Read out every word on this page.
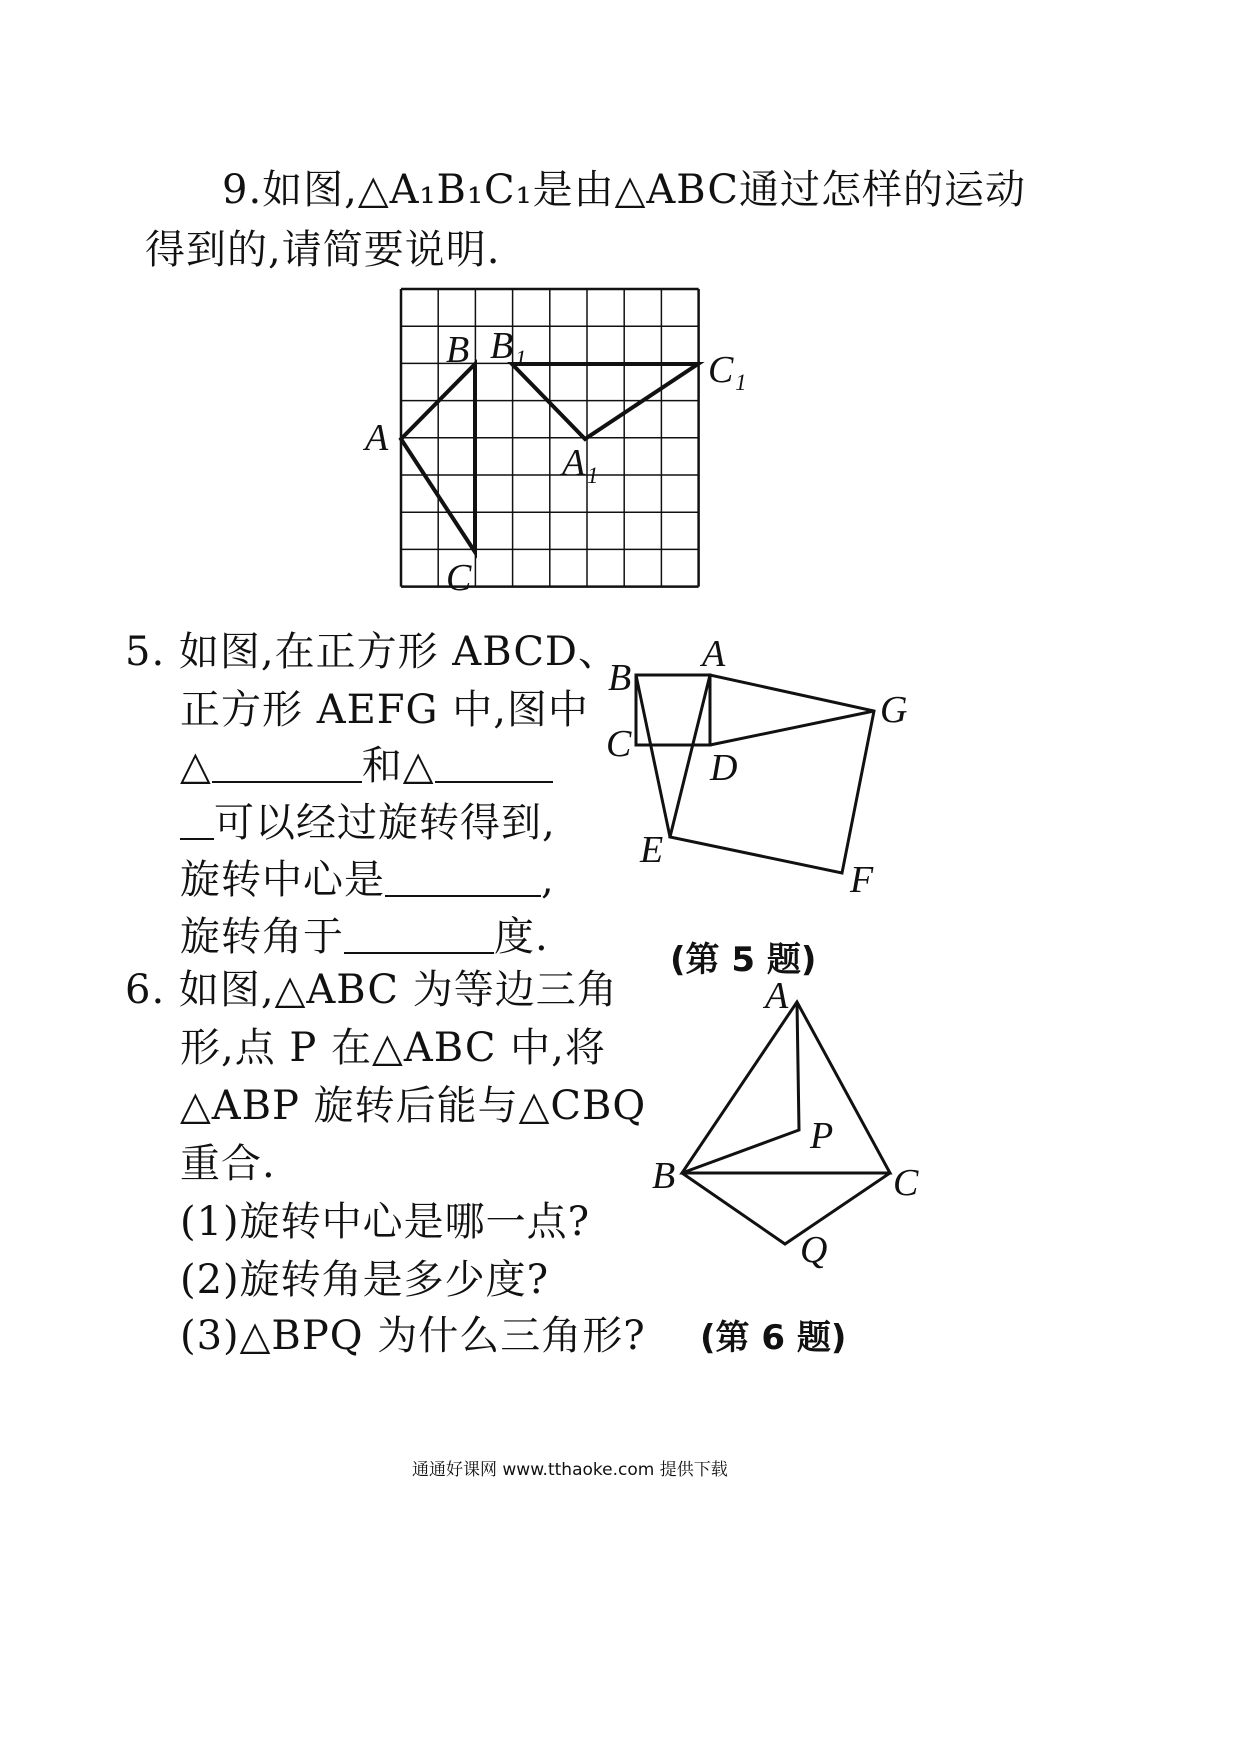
9.如图,△A₁B₁C₁是由△ABC通过怎样的运动
得到的,请简要说明.
A
B
C
A₁
B₁
C₁
5. 如图,在正方形 ABCD、
正方形 AEFG 中,图中
△	和△
可以经过旋转得到,
旋转中心是	,
旋转角于	度.
A
B
C
D
E
F
G
(第 5 题)
6. 如图,△ABC 为等边三角
形,点 P 在△ABC 中,将
△ABP 旋转后能与△CBQ
重合.
(1)旋转中心是哪一点?
(2)旋转角是多少度?
(3)△BPQ 为什么三角形?
A
B	C
P
Q
(第 6 题)
通通好课网 www.tthaoke.com 提供下载
